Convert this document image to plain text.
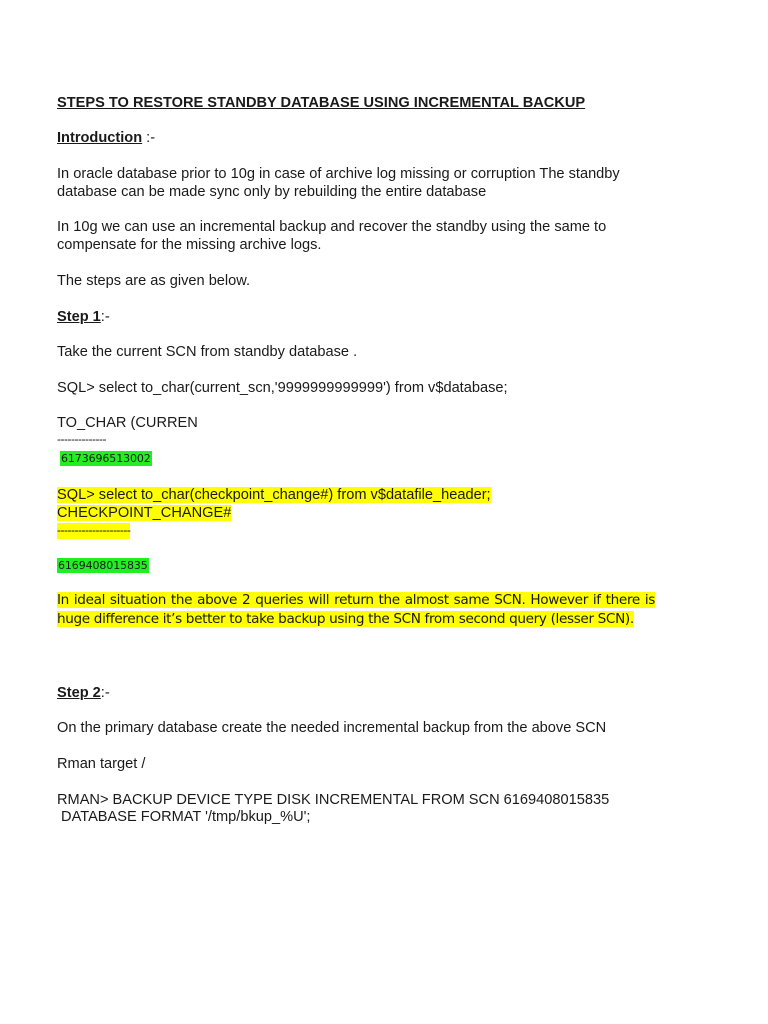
STEPS TO RESTORE STANDBY DATABASE USING INCREMENTAL BACKUP
Introduction :-
In oracle database prior to 10g in case of archive log missing or corruption The standby
database can be made sync only by rebuilding the entire database
In 10g we can use an incremental backup and recover the standby using the same to
compensate for the missing archive logs.
The steps are as given below.
Step 1:-
Take the current SCN from standby database .
SQL> select to_char(current_scn,'9999999999999') from v$database;
TO_CHAR (CURREN
--------------
6173696513002
SQL> select to_char(checkpoint_change#) from v$datafile_header;
CHECKPOINT_CHANGE#
---------------------
6169408015835
In ideal situation the above 2 queries will return the almost same SCN. However if there is huge difference it’s better to take backup using the SCN from second query (lesser SCN).
Step 2:-
On the primary database create the needed incremental backup from the above SCN
Rman target /
RMAN> BACKUP DEVICE TYPE DISK INCREMENTAL FROM SCN 6169408015835
DATABASE FORMAT '/tmp/bkup_%U';
